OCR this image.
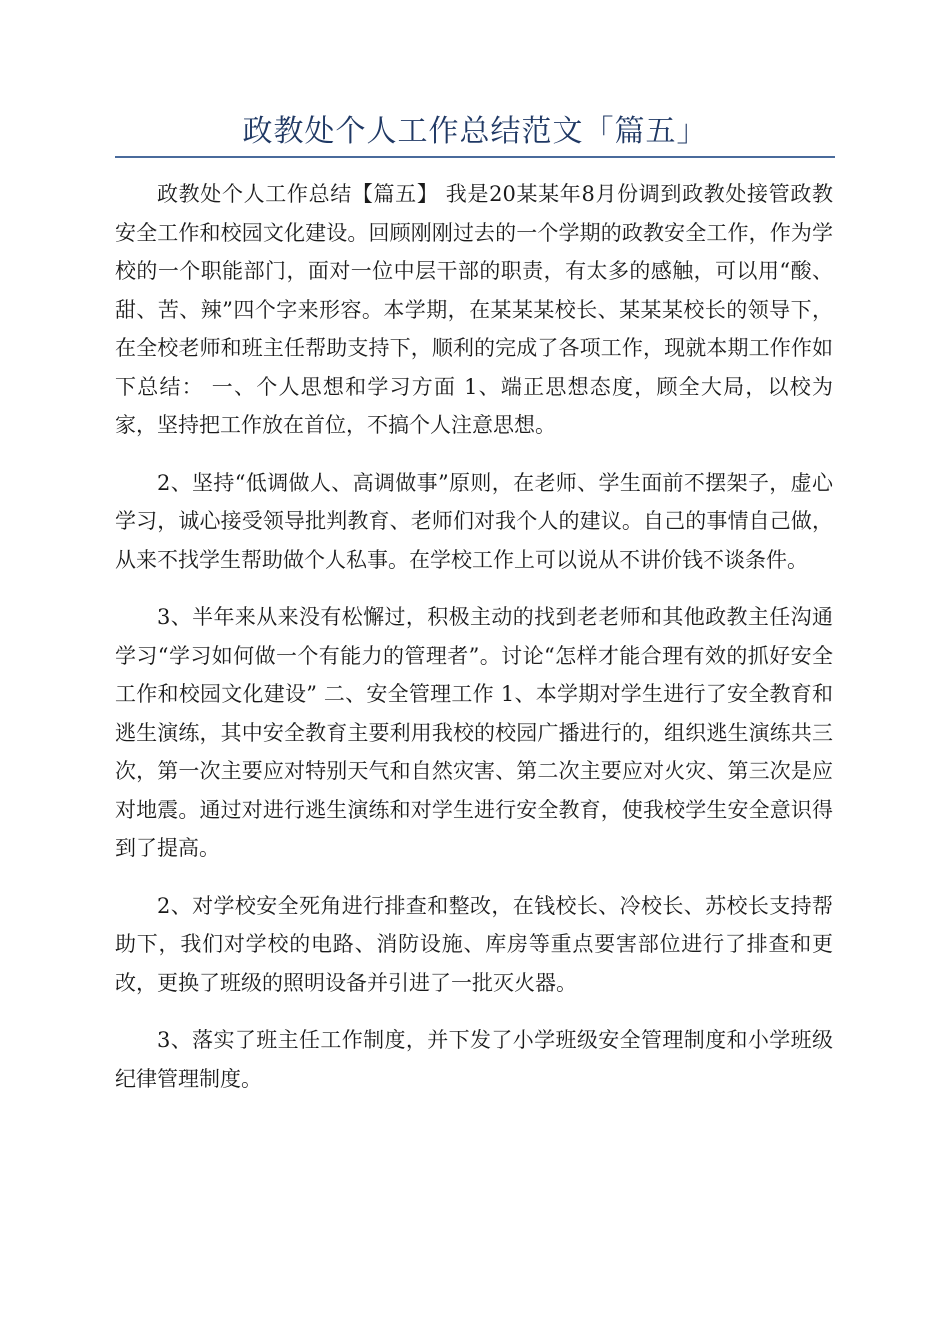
政教处个人工作总结范文「篇五」

政教处个人工作总结【篇五】 我是20某某年8月份调到政教处接管政教安全工作和校园文化建设。回顾刚刚过去的一个学期的政教安全工作，作为学校的一个职能部门，面对一位中层干部的职责，有太多的感触，可以用“酸、甜、苦、辣”四个字来形容。本学期，在某某某校长、某某某校长的领导下，在全校老师和班主任帮助支持下，顺利的完成了各项工作，现就本期工作作如下总结： 一、个人思想和学习方面 1、端正思想态度，顾全大局，以校为家，坚持把工作放在首位，不搞个人注意思想。

2、坚持“低调做人、高调做事”原则，在老师、学生面前不摆架子，虚心学习，诚心接受领导批判教育、老师们对我个人的建议。自己的事情自己做，从来不找学生帮助做个人私事。在学校工作上可以说从不讲价钱不谈条件。

3、半年来从来没有松懈过，积极主动的找到老老师和其他政教主任沟通学习“学习如何做一个有能力的管理者”。讨论“怎样才能合理有效的抓好安全工作和校园文化建设” 二、安全管理工作 1、本学期对学生进行了安全教育和逃生演练，其中安全教育主要利用我校的校园广播进行的，组织逃生演练共三次，第一次主要应对特别天气和自然灾害、第二次主要应对火灾、第三次是应对地震。通过对进行逃生演练和对学生进行安全教育，使我校学生安全意识得到了提高。

2、对学校安全死角进行排查和整改，在钱校长、冷校长、苏校长支持帮助下，我们对学校的电路、消防设施、库房等重点要害部位进行了排查和更改，更换了班级的照明设备并引进了一批灭火器。

3、落实了班主任工作制度，并下发了小学班级安全管理制度和小学班级纪律管理制度。
